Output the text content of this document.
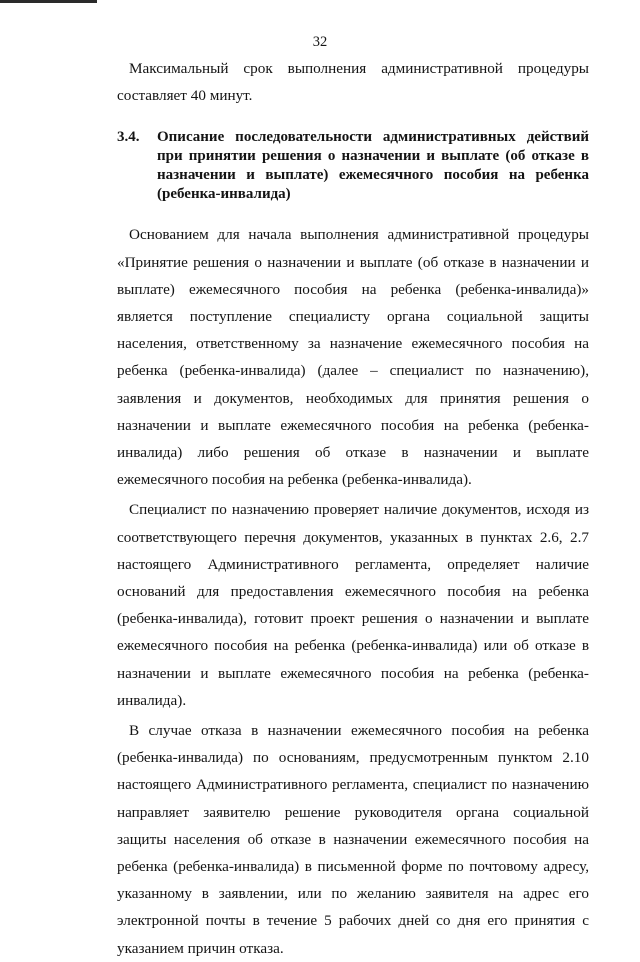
32

Максимальный срок выполнения административной процедуры составляет 40 минут.

3.4.	Описание последовательности административных действий при принятии решения о назначении и выплате (об отказе в назначении и выплате) ежемесячного пособия на ребенка (ребенка-инвалида)

Основанием для начала выполнения административной процедуры «Принятие решения о назначении и выплате (об отказе в назначении и выплате) ежемесячного пособия на ребенка (ребенка-инвалида)» является поступление специалисту органа социальной защиты населения, ответственному за назначение ежемесячного пособия на ребенка (ребенка-инвалида) (далее – специалист по назначению), заявления и документов, необходимых для принятия решения о назначении и выплате ежемесячного пособия на ребенка (ребенка-инвалида) либо решения об отказе в назначении и выплате ежемесячного пособия на ребенка (ребенка-инвалида).

Специалист по назначению проверяет наличие документов, исходя из соответствующего перечня документов, указанных в пунктах 2.6, 2.7 настоящего Административного регламента, определяет наличие оснований для предоставления ежемесячного пособия на ребенка (ребенка-инвалида), готовит проект решения о назначении и выплате ежемесячного пособия на ребенка (ребенка-инвалида) или об отказе в назначении и выплате ежемесячного пособия на ребенка (ребенка-инвалида).

В случае отказа в назначении ежемесячного пособия на ребенка (ребенка-инвалида) по основаниям, предусмотренным пунктом 2.10 настоящего Административного регламента, специалист по назначению направляет заявителю решение руководителя органа социальной защиты населения об отказе в назначении ежемесячного пособия на ребенка (ребенка-инвалида) в письменной форме по почтовому адресу, указанному в заявлении, или по желанию заявителя на адрес его электронной почты в течение 5 рабочих дней со дня его принятия с указанием причин отказа.
